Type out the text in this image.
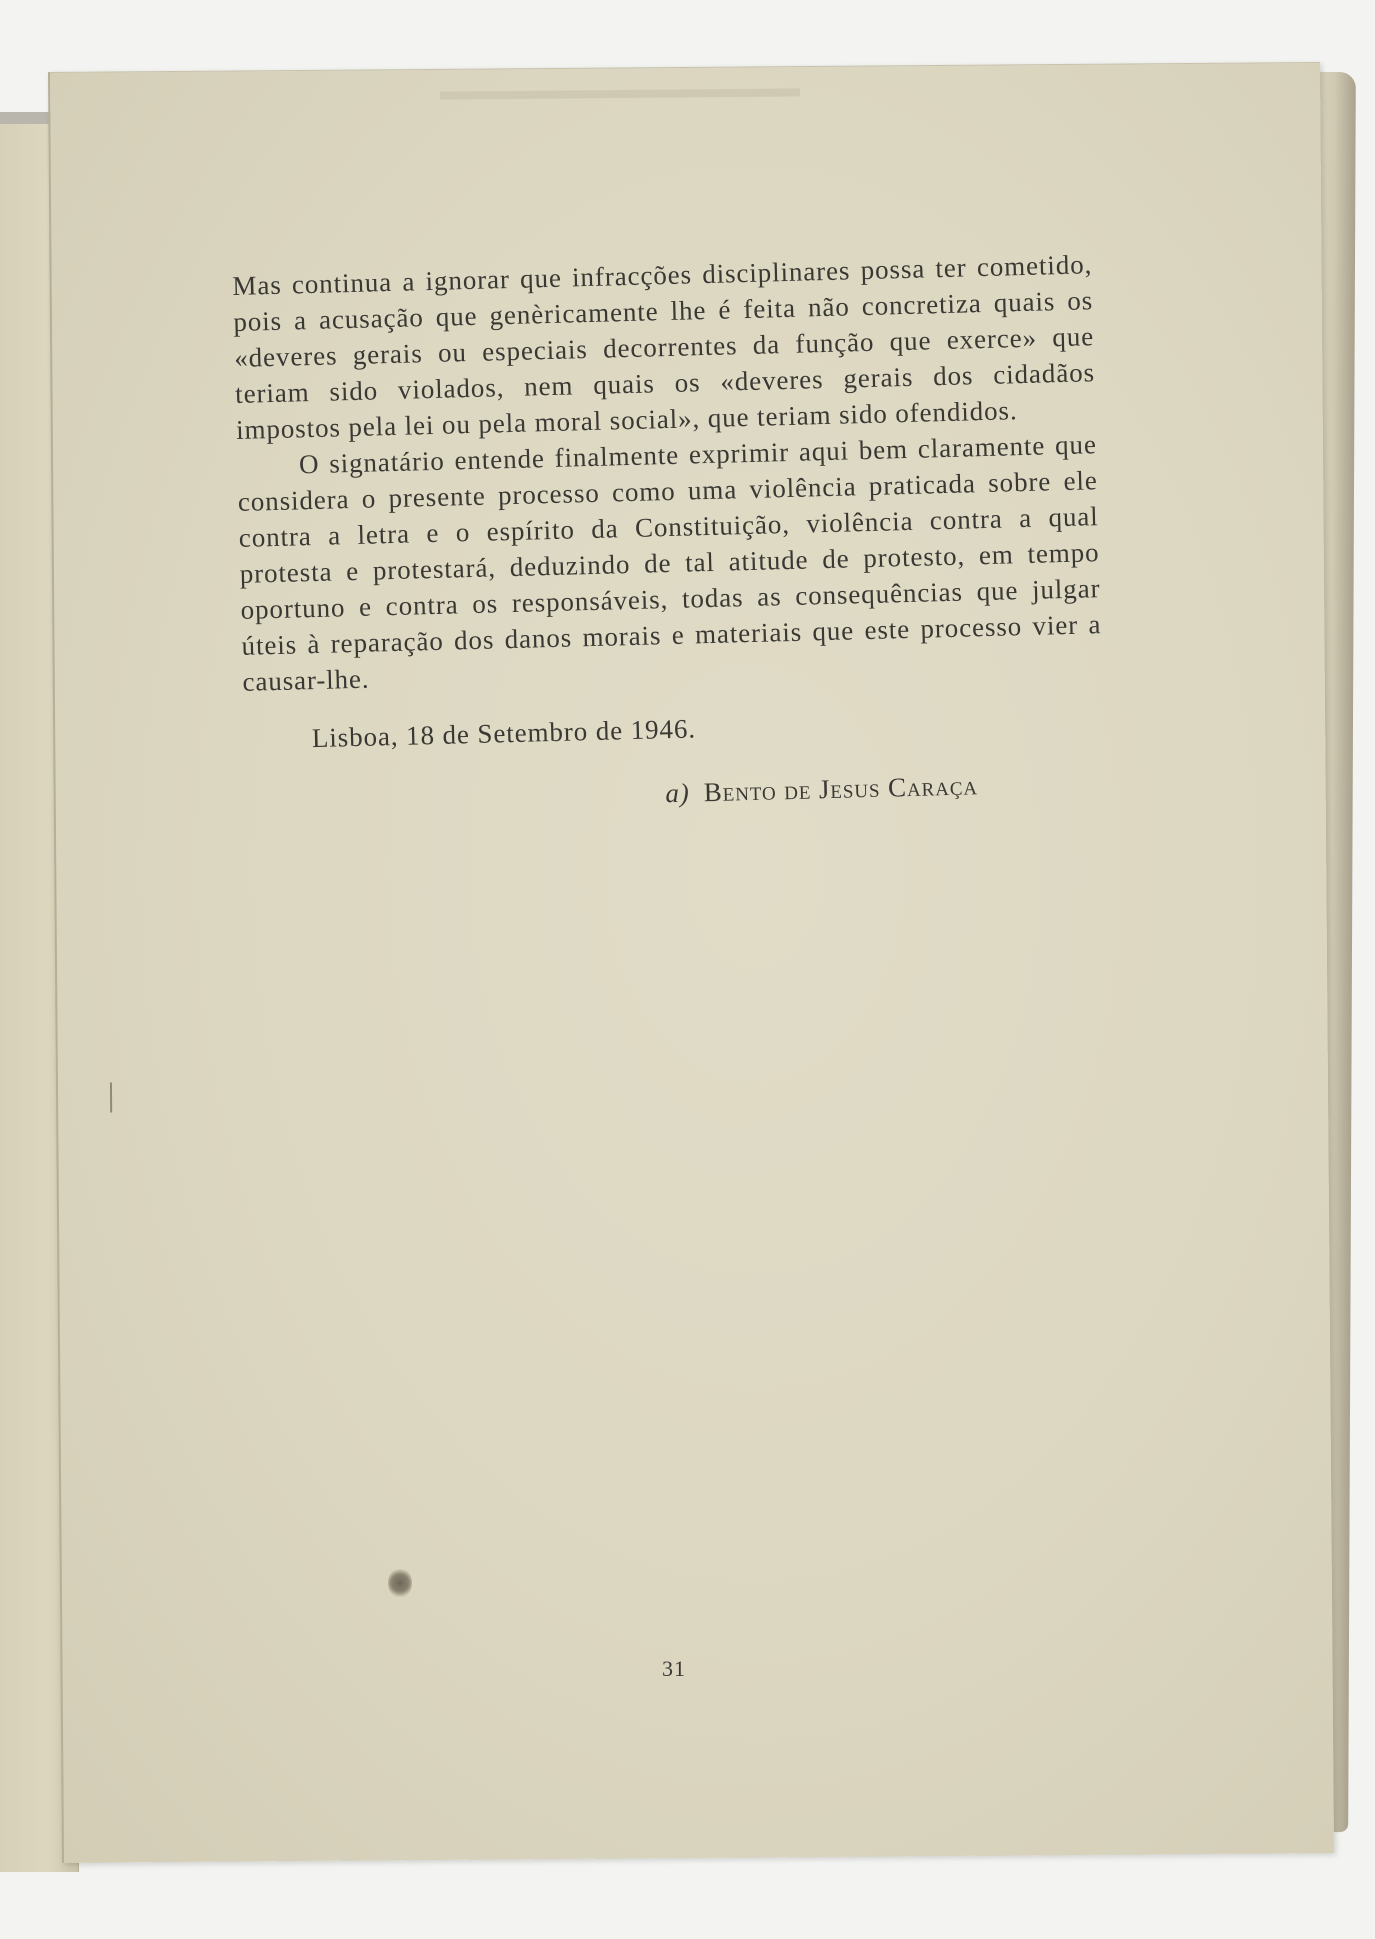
Mas continua a ignorar que infracções disciplinares possa ter cometido, pois a acusação que genèricamente lhe é feita não concretiza quais os «deveres gerais ou especiais decorrentes da função que exerce» que teriam sido violados, nem quais os «deveres gerais dos cidadãos impostos pela lei ou pela moral social», que teriam sido ofendidos.

O signatário entende finalmente exprimir aqui bem claramente que considera o presente processo como uma violência praticada sobre ele contra a letra e o espírito da Constituição, violência contra a qual protesta e protestará, deduzindo de tal atitude de protesto, em tempo oportuno e contra os responsáveis, todas as consequências que julgar úteis à reparação dos danos morais e materiais que este processo vier a causar-lhe.

Lisboa, 18 de Setembro de 1946.

a) Bento de Jesus Caraça

31
